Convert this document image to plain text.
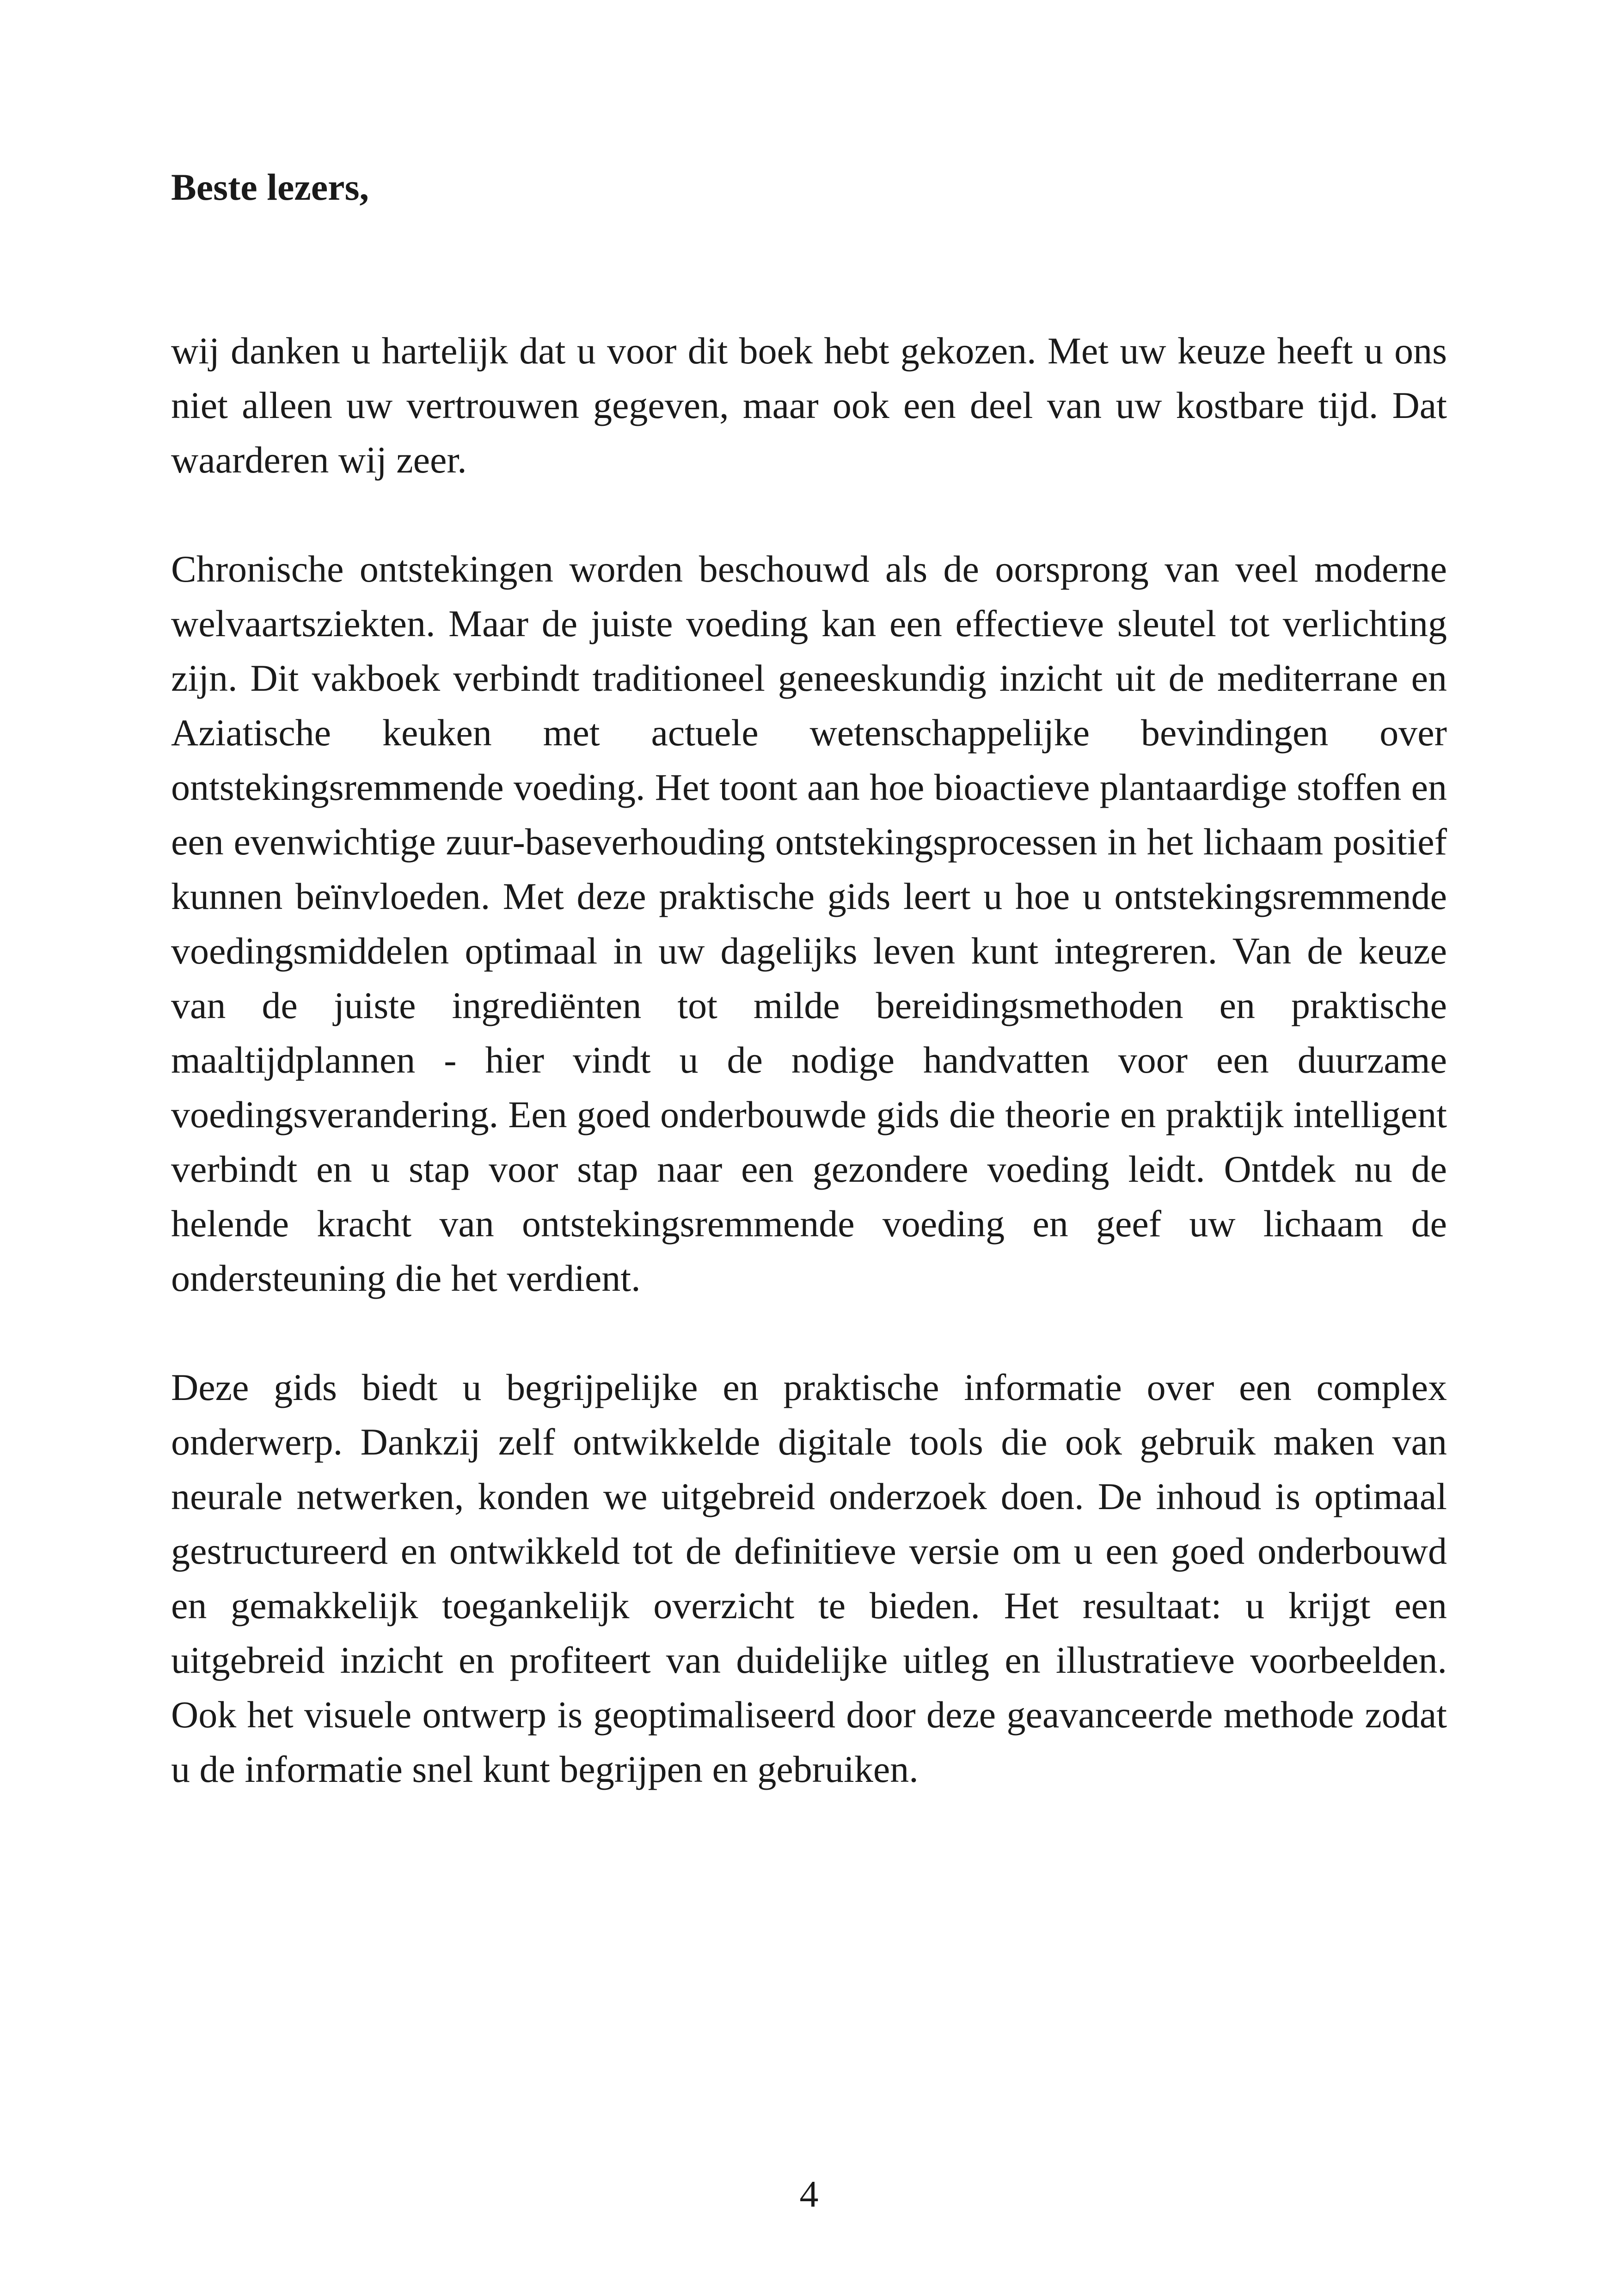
Beste lezers,

wij danken u hartelijk dat u voor dit boek hebt gekozen. Met uw keuze heeft u ons niet alleen uw vertrouwen gegeven, maar ook een deel van uw kostbare tijd. Dat waarderen wij zeer.

Chronische ontstekingen worden beschouwd als de oorsprong van veel moderne welvaartsziekten. Maar de juiste voeding kan een effectieve sleutel tot verlichting zijn. Dit vakboek verbindt traditioneel geneeskundig inzicht uit de mediterrane en Aziatische keuken met actuele wetenschappelijke bevindingen over ontstekingsremmende voeding. Het toont aan hoe bioactieve plantaardige stoffen en een evenwichtige zuur-baseverhouding ontstekingsprocessen in het lichaam positief kunnen beïnvloeden. Met deze praktische gids leert u hoe u ontstekingsremmende voedingsmiddelen optimaal in uw dagelijks leven kunt integreren. Van de keuze van de juiste ingrediënten tot milde bereidingsmethoden en praktische maaltijdplannen - hier vindt u de nodige handvatten voor een duurzame voedingsverandering. Een goed onderbouwde gids die theorie en praktijk intelligent verbindt en u stap voor stap naar een gezondere voeding leidt. Ontdek nu de helende kracht van ontstekingsremmende voeding en geef uw lichaam de ondersteuning die het verdient.

Deze gids biedt u begrijpelijke en praktische informatie over een complex onderwerp. Dankzij zelf ontwikkelde digitale tools die ook gebruik maken van neurale netwerken, konden we uitgebreid onderzoek doen. De inhoud is optimaal gestructureerd en ontwikkeld tot de definitieve versie om u een goed onderbouwd en gemakkelijk toegankelijk overzicht te bieden. Het resultaat: u krijgt een uitgebreid inzicht en profiteert van duidelijke uitleg en illustratieve voorbeelden. Ook het visuele ontwerp is geoptimaliseerd door deze geavanceerde methode zodat u de informatie snel kunt begrijpen en gebruiken.

4
